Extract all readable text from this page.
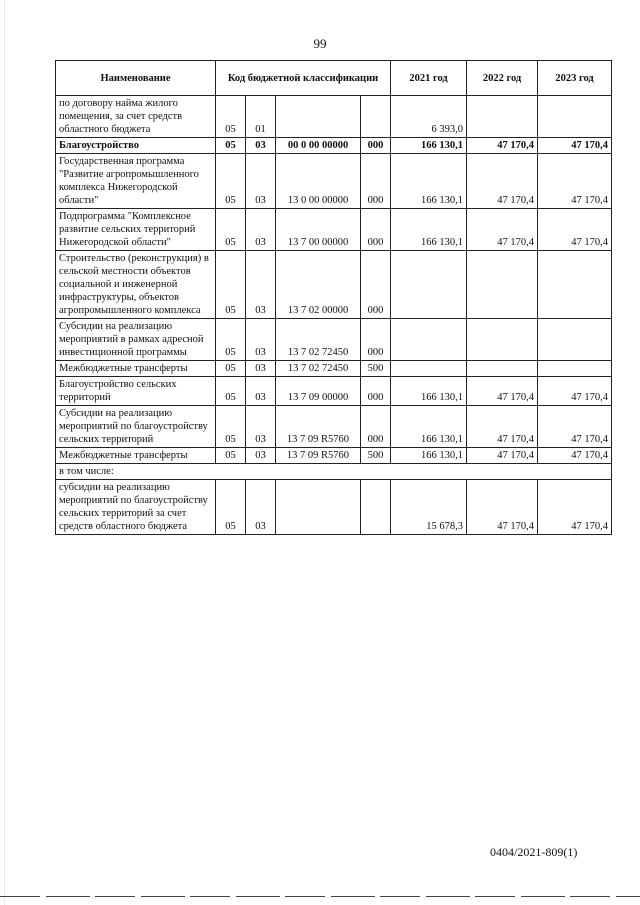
99
Наименование	Код бюджетной классификации				2021 год	2022 год	2023 год
по договору найма жилого помещения, за счет средств областного бюджета	05	01			6 393,0		
Благоустройство	05	03	00 0 00 00000	000	166 130,1	47 170,4	47 170,4
Государственная программа "Развитие агропромышленного комплекса Нижегородской области"	05	03	13 0 00 00000	000	166 130,1	47 170,4	47 170,4
Подпрограмма "Комплексное развитие сельских территорий Нижегородской области"	05	03	13 7 00 00000	000	166 130,1	47 170,4	47 170,4
Строительство (реконструкция) в сельской местности объектов социальной и инженерной инфраструктуры, объектов агропромышленного комплекса	05	03	13 7 02 00000	000			
Субсидии на реализацию мероприятий в рамках адресной инвестиционной программы	05	03	13 7 02 72450	000			
Межбюджетные трансферты	05	03	13 7 02 72450	500			
Благоустройство сельских территорий	05	03	13 7 09 00000	000	166 130,1	47 170,4	47 170,4
Субсидии на реализацию мероприятий по благоустройству сельских территорий	05	03	13 7 09 R5760	000	166 130,1	47 170,4	47 170,4
Межбюджетные трансферты	05	03	13 7 09 R5760	500	166 130,1	47 170,4	47 170,4
в том числе:							
субсидии на реализацию мероприятий по благоустройству сельских территорий за счет средств областного бюджета	05	03			15 678,3	47 170,4	47 170,4
0404/2021-809(1)
